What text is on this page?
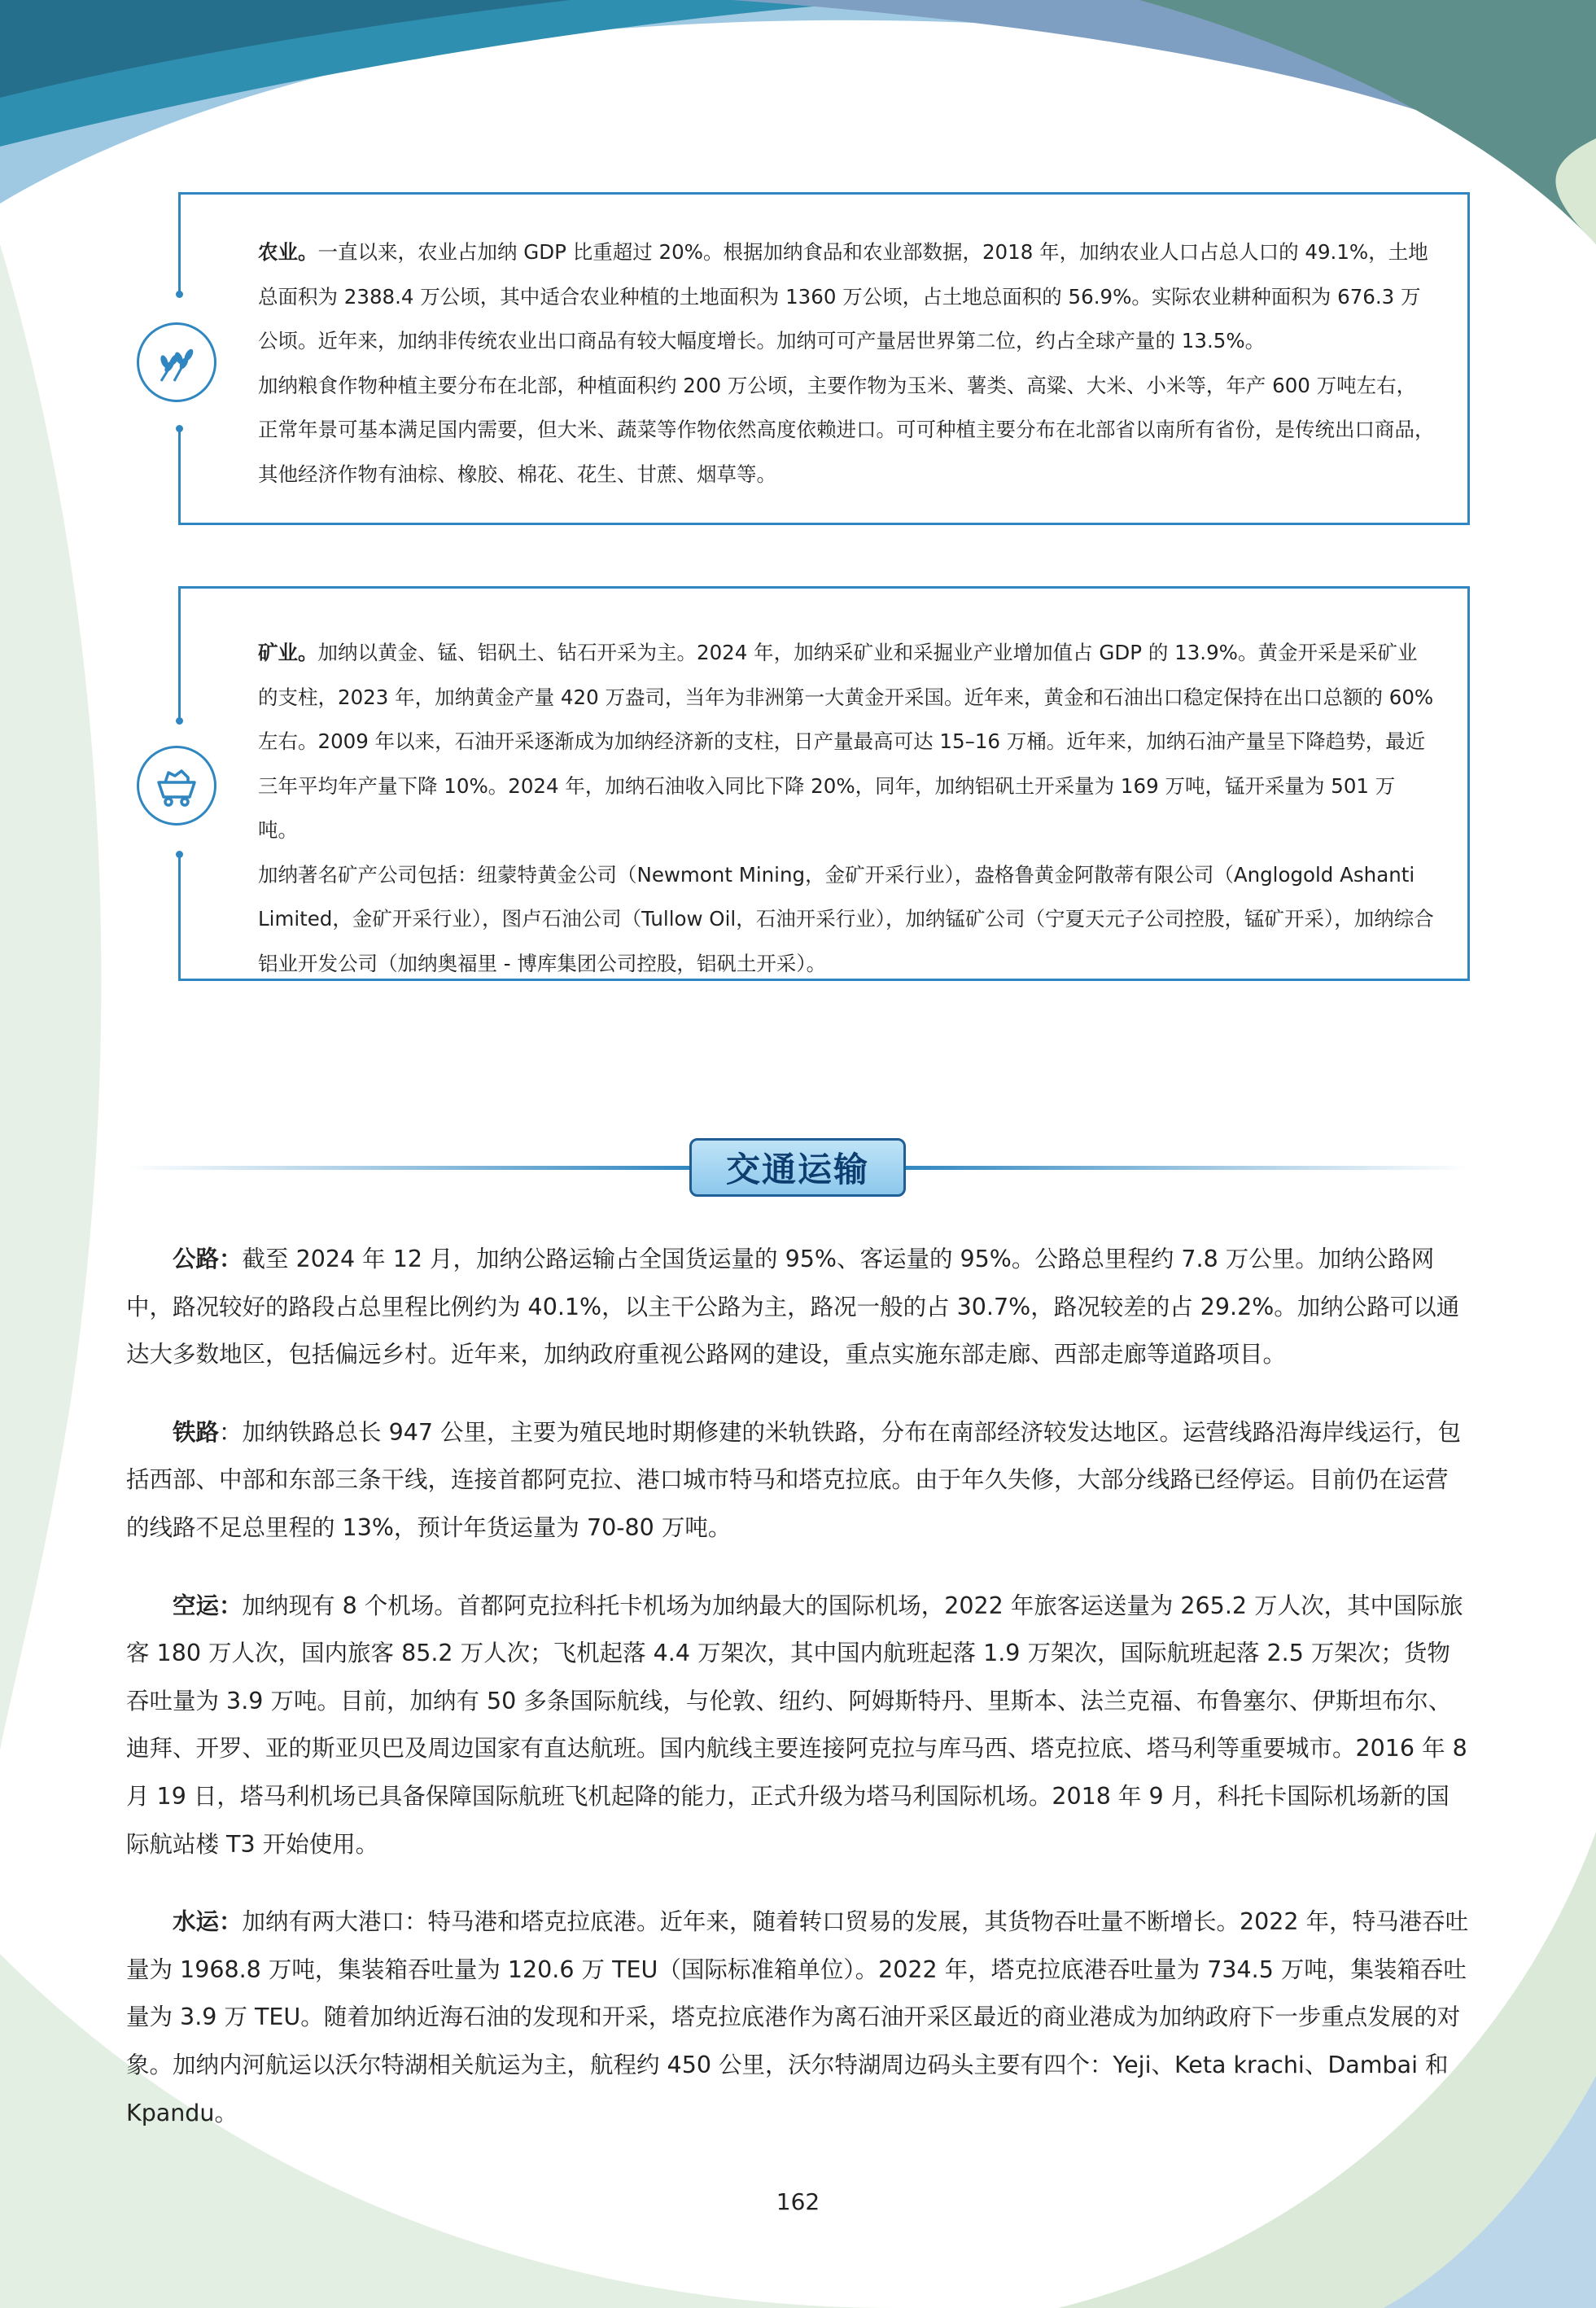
农业。一直以来，农业占加纳 GDP 比重超过 20%。根据加纳食品和农业部数据，2018 年，加纳农业人口占总人口的 49.1%，土地总面积为 2388.4 万公顷，其中适合农业种植的土地面积为 1360 万公顷，占土地总面积的 56.9%。实际农业耕种面积为 676.3 万公顷。近年来，加纳非传统农业出口商品有较大幅度增长。加纳可可产量居世界第二位，约占全球产量的 13.5%。

加纳粮食作物种植主要分布在北部，种植面积约 200 万公顷，主要作物为玉米、薯类、高粱、大米、小米等，年产 600 万吨左右，正常年景可基本满足国内需要，但大米、蔬菜等作物依然高度依赖进口。可可种植主要分布在北部省以南所有省份，是传统出口商品，其他经济作物有油棕、橡胶、棉花、花生、甘蔗、烟草等。

矿业。加纳以黄金、锰、铝矾土、钻石开采为主。2024 年，加纳采矿业和采掘业产业增加值占 GDP 的 13.9%。黄金开采是采矿业的支柱，2023 年，加纳黄金产量 420 万盎司，当年为非洲第一大黄金开采国。近年来，黄金和石油出口稳定保持在出口总额的 60% 左右。2009 年以来，石油开采逐渐成为加纳经济新的支柱，日产量最高可达 15–16 万桶。近年来，加纳石油产量呈下降趋势，最近三年平均年产量下降 10%。2024 年，加纳石油收入同比下降 20%，同年，加纳铝矾土开采量为 169 万吨，锰开采量为 501 万吨。

加纳著名矿产公司包括：纽蒙特黄金公司（Newmont Mining，金矿开采行业），盎格鲁黄金阿散蒂有限公司（Anglogold Ashanti Limited，金矿开采行业），图卢石油公司（Tullow Oil，石油开采行业），加纳锰矿公司（宁夏天元子公司控股，锰矿开采），加纳综合铝业开发公司（加纳奥福里 - 博库集团公司控股，铝矾土开采）。

交通运输

公路：截至 2024 年 12 月，加纳公路运输占全国货运量的 95%、客运量的 95%。公路总里程约 7.8 万公里。加纳公路网中，路况较好的路段占总里程比例约为 40.1%，以主干公路为主，路况一般的占 30.7%，路况较差的占 29.2%。加纳公路可以通达大多数地区，包括偏远乡村。近年来，加纳政府重视公路网的建设，重点实施东部走廊、西部走廊等道路项目。

铁路：加纳铁路总长 947 公里，主要为殖民地时期修建的米轨铁路，分布在南部经济较发达地区。运营线路沿海岸线运行，包括西部、中部和东部三条干线，连接首都阿克拉、港口城市特马和塔克拉底。由于年久失修，大部分线路已经停运。目前仍在运营的线路不足总里程的 13%，预计年货运量为 70-80 万吨。

空运：加纳现有 8 个机场。首都阿克拉科托卡机场为加纳最大的国际机场，2022 年旅客运送量为 265.2 万人次，其中国际旅客 180 万人次，国内旅客 85.2 万人次；飞机起落 4.4 万架次，其中国内航班起落 1.9 万架次，国际航班起落 2.5 万架次；货物吞吐量为 3.9 万吨。目前，加纳有 50 多条国际航线，与伦敦、纽约、阿姆斯特丹、里斯本、法兰克福、布鲁塞尔、伊斯坦布尔、迪拜、开罗、亚的斯亚贝巴及周边国家有直达航班。国内航线主要连接阿克拉与库马西、塔克拉底、塔马利等重要城市。2016 年 8 月 19 日，塔马利机场已具备保障国际航班飞机起降的能力，正式升级为塔马利国际机场。2018 年 9 月，科托卡国际机场新的国际航站楼 T3 开始使用。

水运：加纳有两大港口：特马港和塔克拉底港。近年来，随着转口贸易的发展，其货物吞吐量不断增长。2022 年，特马港吞吐量为 1968.8 万吨，集装箱吞吐量为 120.6 万 TEU（国际标准箱单位）。2022 年，塔克拉底港吞吐量为 734.5 万吨，集装箱吞吐量为 3.9 万 TEU。随着加纳近海石油的发现和开采，塔克拉底港作为离石油开采区最近的商业港成为加纳政府下一步重点发展的对象。加纳内河航运以沃尔特湖相关航运为主，航程约 450 公里，沃尔特湖周边码头主要有四个：Yeji、Keta krachi、Dambai 和 Kpandu。

162
